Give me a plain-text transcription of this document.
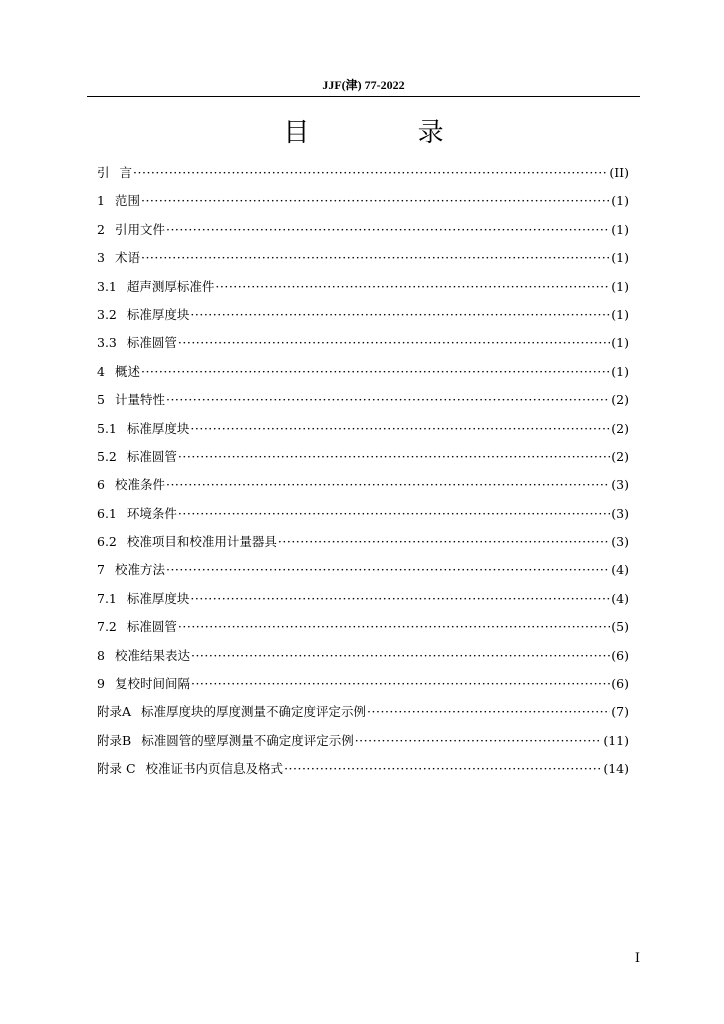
JJF(津) 77-2022
目 录
引 言 ·····	(II)
1 范围 ·····	(1)
2 引用文件 ·····	(1)
3 术语 ·····	(1)
3.1 超声测厚标准件 ·····	(1)
3.2 标准厚度块 ·····	(1)
3.3 标准圆管 ·····	(1)
4 概述 ·····	(1)
5 计量特性 ·····	(2)
5.1 标准厚度块 ·····	(2)
5.2 标准圆管 ·····	(2)
6 校准条件 ·····	(3)
6.1 环境条件 ·····	(3)
6.2 校准项目和校准用计量器具 ·····	(3)
7 校准方法 ·····	(4)
7.1 标准厚度块 ·····	(4)
7.2 标准圆管 ·····	(5)
8 校准结果表达 ·····	(6)
9 复校时间间隔 ·····	(6)
附录A 标准厚度块的厚度测量不确定度评定示例 ·····	(7)
附录B 标准圆管的壁厚测量不确定度评定示例 ·····	(11)
附录 C 校准证书内页信息及格式 ·····	(14)
I
